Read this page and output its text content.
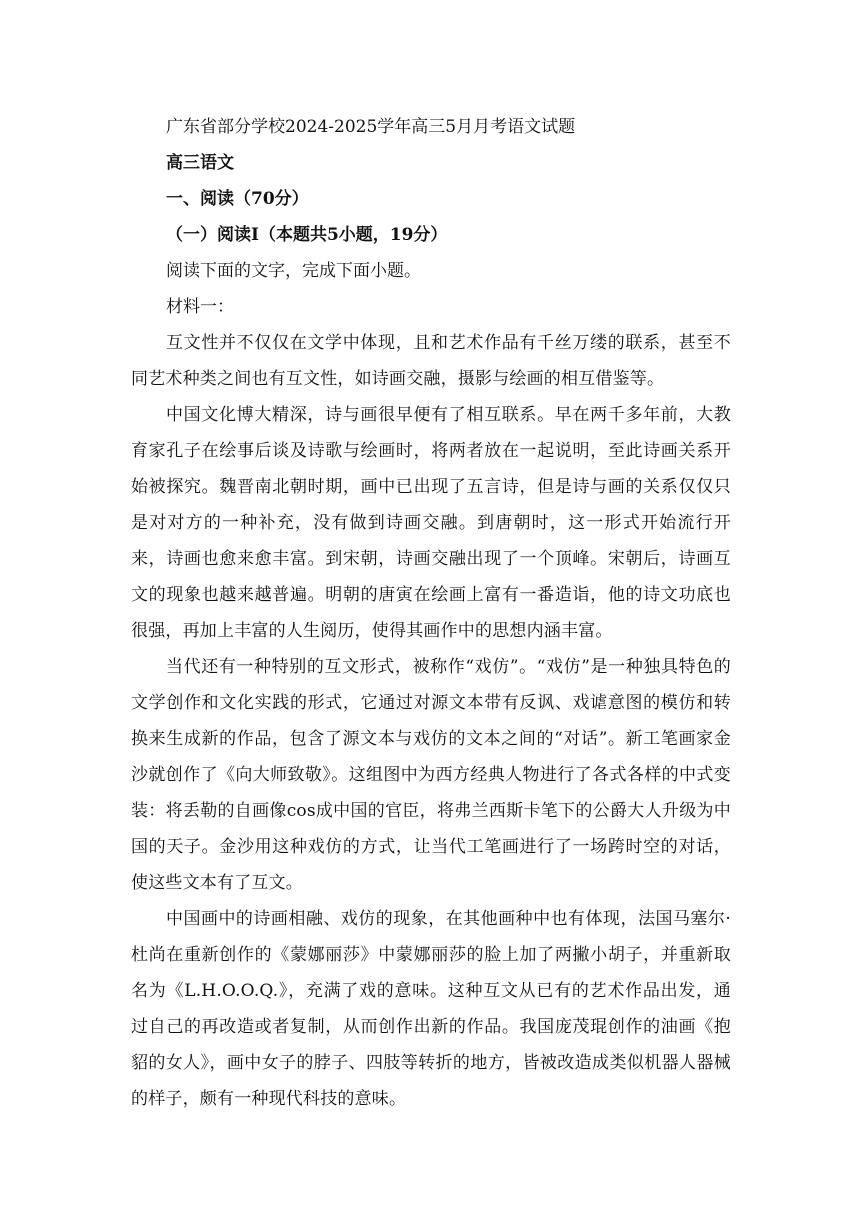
广东省部分学校2024-2025学年高三5月月考语文试题
高三语文
一、阅读（70分）
（一）阅读Ⅰ（本题共5小题，19分）
阅读下面的文字，完成下面小题。
材料一：

互文性并不仅仅在文学中体现，且和艺术作品有千丝万缕的联系，甚至不同艺术种类之间也有互文性，如诗画交融，摄影与绘画的相互借鉴等。

中国文化博大精深，诗与画很早便有了相互联系。早在两千多年前，大教育家孔子在绘事后谈及诗歌与绘画时，将两者放在一起说明，至此诗画关系开始被探究。魏晋南北朝时期，画中已出现了五言诗，但是诗与画的关系仅仅只是对对方的一种补充，没有做到诗画交融。到唐朝时，这一形式开始流行开来，诗画也愈来愈丰富。到宋朝，诗画交融出现了一个顶峰。宋朝后，诗画互文的现象也越来越普遍。明朝的唐寅在绘画上富有一番造诣，他的诗文功底也很强，再加上丰富的人生阅历，使得其画作中的思想内涵丰富。

当代还有一种特别的互文形式，被称作“戏仿”。“戏仿”是一种独具特色的文学创作和文化实践的形式，它通过对源文本带有反讽、戏谑意图的模仿和转换来生成新的作品，包含了源文本与戏仿的文本之间的“对话”。新工笔画家金沙就创作了《向大师致敬》。这组图中为西方经典人物进行了各式各样的中式变装：将丢勒的自画像cos成中国的官臣，将弗兰西斯卡笔下的公爵大人升级为中国的天子。金沙用这种戏仿的方式，让当代工笔画进行了一场跨时空的对话，使这些文本有了互文。

中国画中的诗画相融、戏仿的现象，在其他画种中也有体现，法国马塞尔·杜尚在重新创作的《蒙娜丽莎》中蒙娜丽莎的脸上加了两撇小胡子，并重新取名为《L.H.O.O.Q.》，充满了戏的意味。这种互文从已有的艺术作品出发，通过自己的再改造或者复制，从而创作出新的作品。我国庞茂琨创作的油画《抱貂的女人》，画中女子的脖子、四肢等转折的地方，皆被改造成类似机器人器械的样子，颇有一种现代科技的意味。
